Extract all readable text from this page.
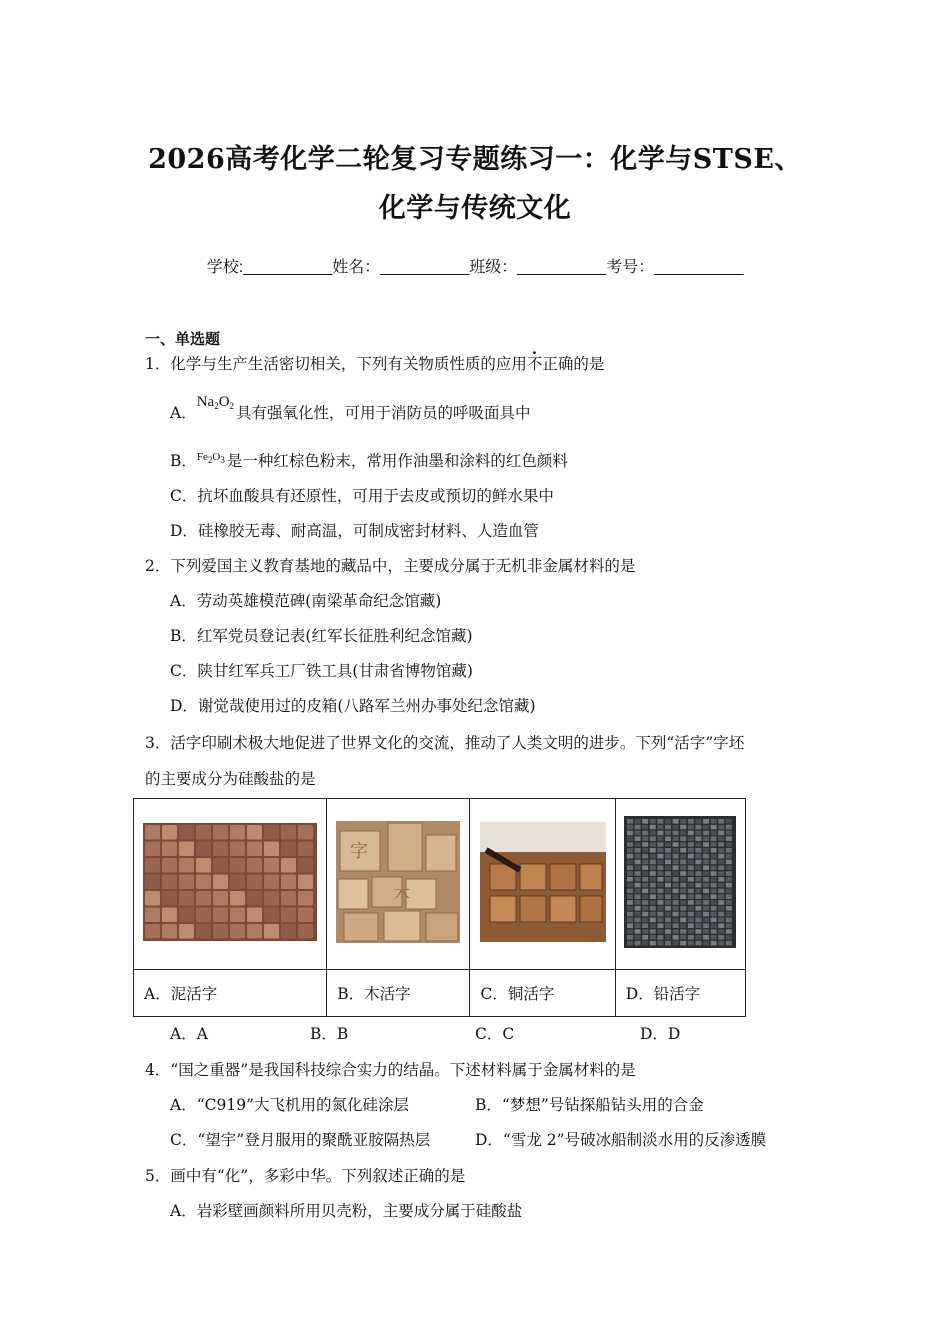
2026高考化学二轮复习专题练习一：化学与STSE、
化学与传统文化
学校:__________姓名：__________班级：__________考号：__________
一、单选题
1．化学与生产生活密切相关，下列有关物质性质的应用不正确的是
A．$Na_2O_2$ 具有强氧化性，可用于消防员的呼吸面具中
B．$^{Fe_2O_3}$ 是一种红棕色粉末，常用作油墨和涂料的红色颜料
C．抗坏血酸具有还原性，可用于去皮或预切的鲜水果中
D．硅橡胶无毒、耐高温，可制成密封材料、人造血管
2．下列爱国主义教育基地的藏品中，主要成分属于无机非金属材料的是
A．劳动英雄模范碑(南梁革命纪念馆藏)
B．红军党员登记表(红军长征胜利纪念馆藏)
C．陕甘红军兵工厂铁工具(甘肃省博物馆藏)
D．谢觉哉使用过的皮箱(八路军兰州办事处纪念馆藏)
3．活字印刷术极大地促进了世界文化的交流，推动了人类文明的进步。下列“活字”字坯
的主要成分为硅酸盐的是

字
木

A．泥活字	B．木活字	C．铜活字	D．铅活字
A．A	B．B	C．C	D．D
4．“国之重器”是我国科技综合实力的结晶。下述材料属于金属材料的是
A．“C919”大飞机用的氮化硅涂层	B．“梦想”号钻探船钻头用的合金
C．“望宇”登月服用的聚酰亚胺隔热层	D．“雪龙 2”号破冰船制淡水用的反渗透膜
5．画中有“化”，多彩中华。下列叙述正确的是
A．岩彩壁画颜料所用贝壳粉，主要成分属于硅酸盐
